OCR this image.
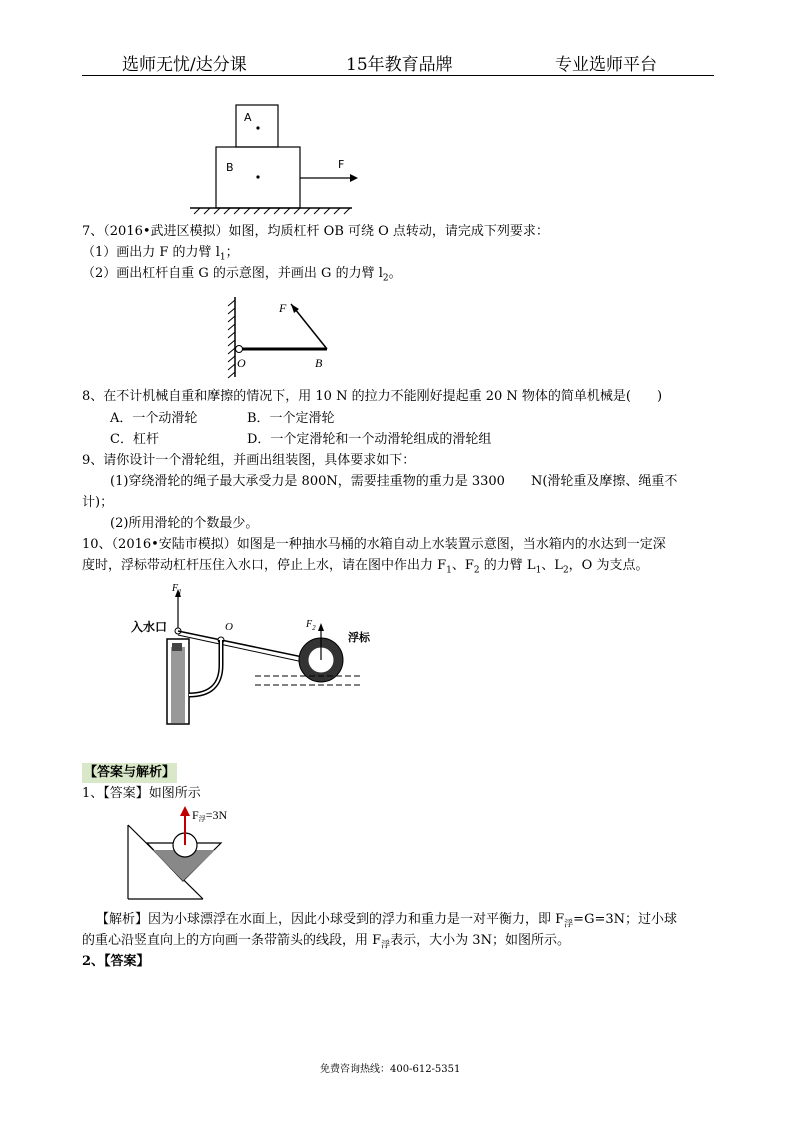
选师无忧/达分课	15年教育品牌	专业选师平台
A
B	F
7、（2016•武进区模拟）如图，均质杠杆 OB 可绕 O 点转动，请完成下列要求：
（1）画出力 F 的力臂 $l_1$；
（2）画出杠杆自重 G 的示意图，并画出 G 的力臂 $l_2$。
F
O	B
8、在不计机械自重和摩擦的情况下，用 10 N 的拉力不能刚好提起重 20 N 物体的简单机械是(　　)
A．一个动滑轮	B．一个定滑轮
C．杠杆	D．一个定滑轮和一个动滑轮组成的滑轮组
9、请你设计一个滑轮组，并画出组装图，具体要求如下：
(1)穿绕滑轮的绳子最大承受力是 800N，需要挂重物的重力是 3300　　N(滑轮重及摩擦、绳重不
计)；
(2)所用滑轮的个数最少。
10、（2016•安陆市模拟）如图是一种抽水马桶的水箱自动上水装置示意图，当水箱内的水达到一定深
度时，浮标带动杠杆压住入水口，停止上水，请在图中作出力 $F_1$、$F_2$ 的力臂 $L_1$、$L_2$，O 为支点。
$F_1$
入水口	O	$F_2$
浮标
【答案与解析】
1、【答案】如图所示
F浮=3N
【解析】因为小球漂浮在水面上，因此小球受到的浮力和重力是一对平衡力，即 $F_浮=G=3N$；过小球
的重心沿竖直向上的方向画一条带箭头的线段，用 $F_浮$表示，大小为 3N；如图所示。
2、【答案】
免费咨询热线：400-612-5351
